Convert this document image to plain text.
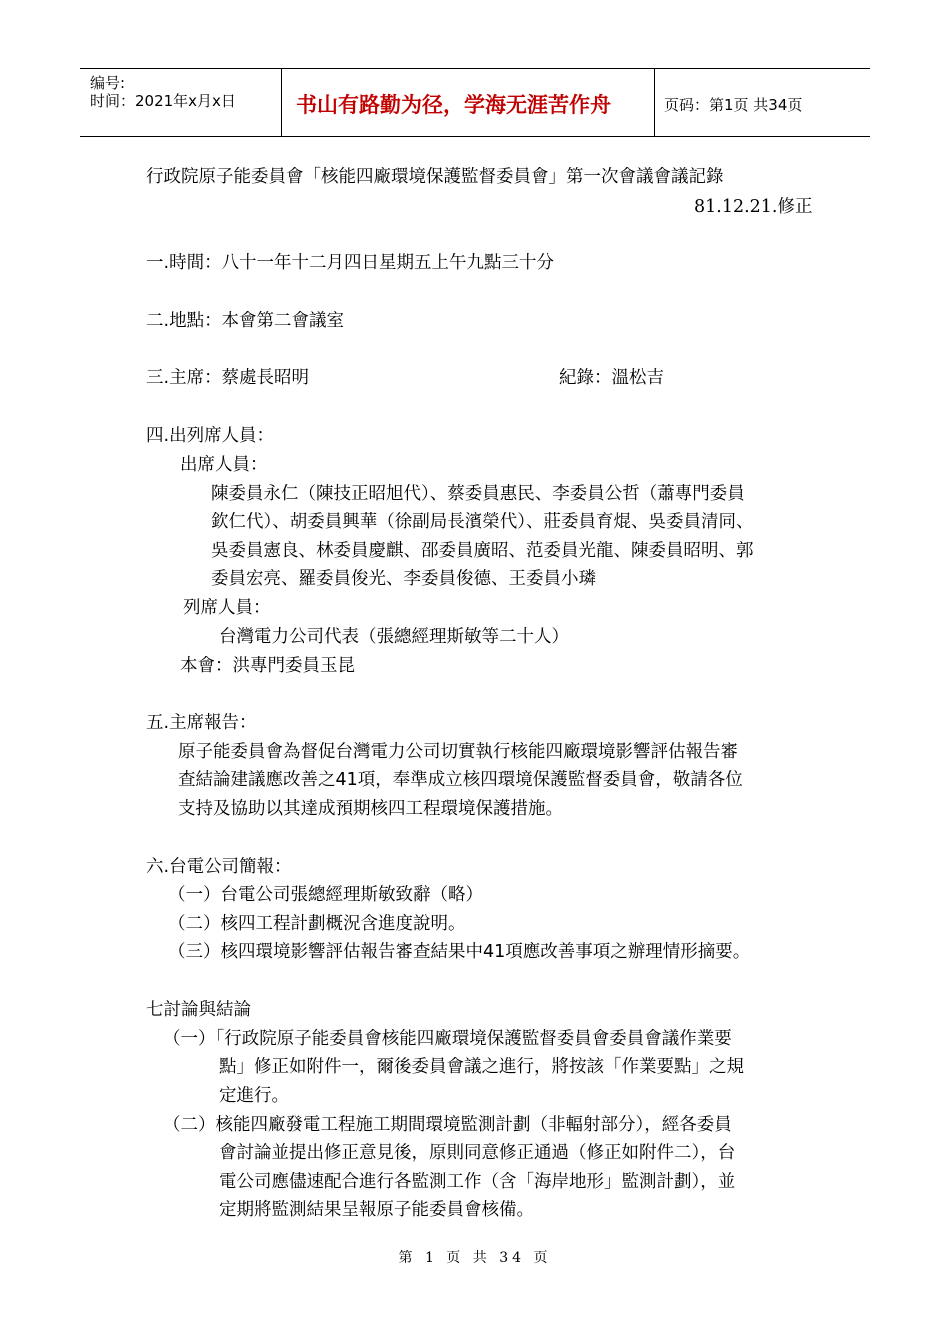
编号:
时间：2021年x月x日	书山有路勤为径，学海无涯苦作舟	页码：第1页 共34页
行政院原子能委員會「核能四廠環境保護監督委員會」第一次會議會議記錄
81.12.21.修正
一.時間：八十一年十二月四日星期五上午九點三十分
二.地點：本會第二會議室
三.主席：蔡處長昭明	紀錄：溫松吉
四.出列席人員：
出席人員：
陳委員永仁（陳技正昭旭代）、蔡委員惠民、李委員公哲（蕭專門委員
欽仁代）、胡委員興華（徐副局長濱榮代）、莊委員育焜、吳委員清同、
吳委員憲良、林委員慶麒、邵委員廣昭、范委員光龍、陳委員昭明、郭
委員宏亮、羅委員俊光、李委員俊德、王委員小璘
列席人員：
台灣電力公司代表（張總經理斯敏等二十人）
本會：洪專門委員玉昆
五.主席報告：
原子能委員會為督促台灣電力公司切實執行核能四廠環境影響評估報告審
查結論建議應改善之41項，奉準成立核四環境保護監督委員會，敬請各位
支持及協助以其達成預期核四工程環境保護措施。
六.台電公司簡報：
（一）台電公司張總經理斯敏致辭（略）
（二）核四工程計劃概況含進度說明。
（三）核四環境影響評估報告審查結果中41項應改善事項之辦理情形摘要。
七討論與結論
（一）「行政院原子能委員會核能四廠環境保護監督委員會委員會議作業要
點」修正如附件一，爾後委員會議之進行，將按該「作業要點」之規
定進行。
（二）核能四廠發電工程施工期間環境監測計劃（非輻射部分），經各委員
會討論並提出修正意見後，原則同意修正通過（修正如附件二），台
電公司應儘速配合進行各監測工作（含「海岸地形」監測計劃），並
定期將監測結果呈報原子能委員會核備。
第 1 页 共 34 页
